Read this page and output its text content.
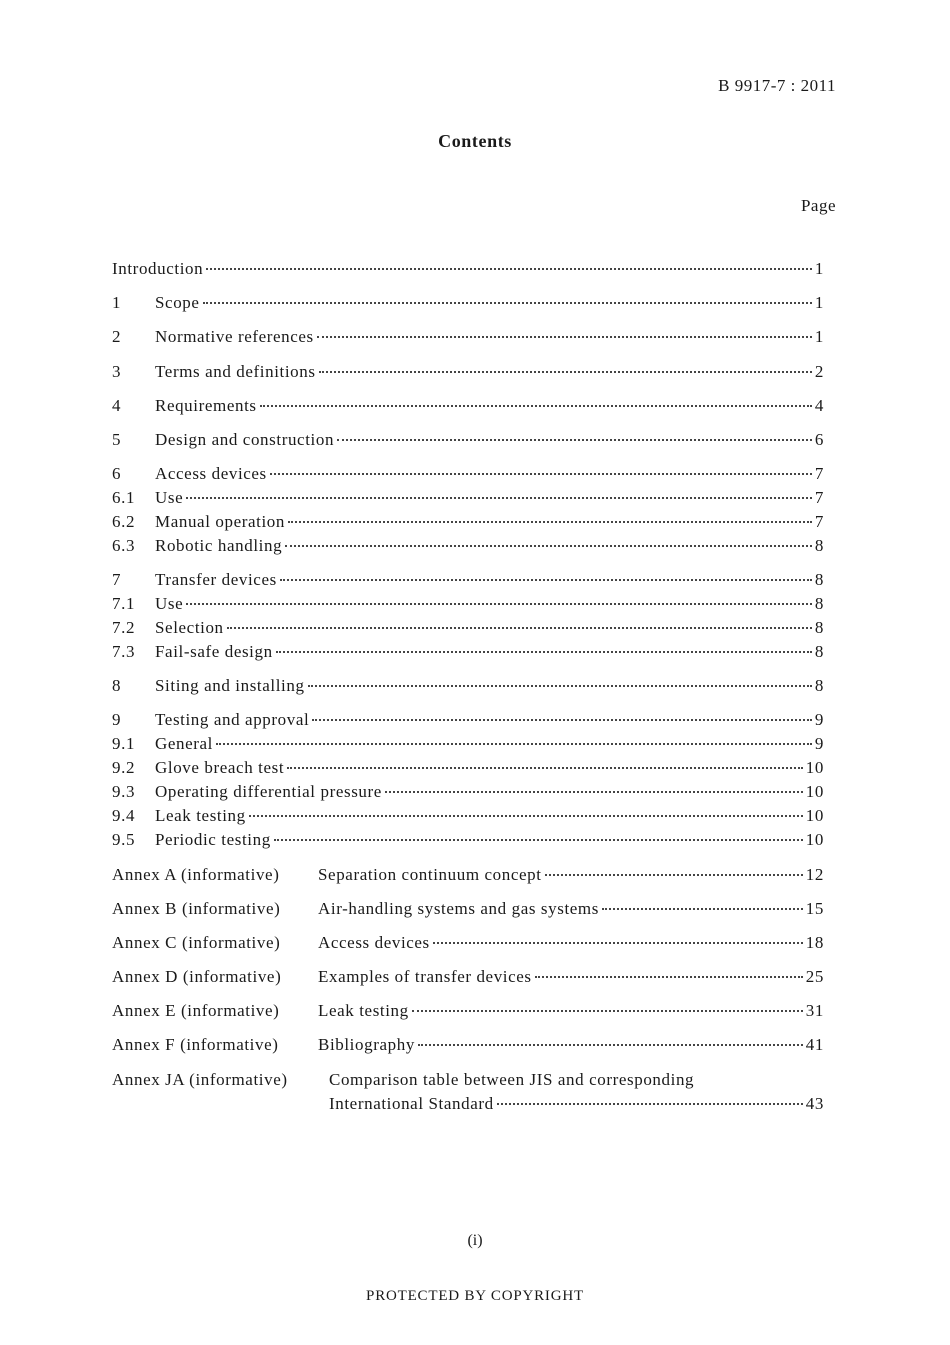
B 9917-7 : 2011
Contents
Page
Introduction	1
1	Scope	1
2	Normative references	1
3	Terms and definitions	2
4	Requirements	4
5	Design and construction	6
6	Access devices	7
6.1	Use	7
6.2	Manual operation	7
6.3	Robotic handling	8
7	Transfer devices	8
7.1	Use	8
7.2	Selection	8
7.3	Fail-safe design	8
8	Siting and installing	8
9	Testing and approval	9
9.1	General	9
9.2	Glove breach test	10
9.3	Operating differential pressure	10
9.4	Leak testing	10
9.5	Periodic testing	10
Annex A (informative)	Separation continuum concept	12
Annex B (informative)	Air-handling systems and gas systems	15
Annex C (informative)	Access devices	18
Annex D (informative)	Examples of transfer devices	25
Annex E (informative)	Leak testing	31
Annex F (informative)	Bibliography	41
Annex JA (informative) Comparison table between JIS and corresponding
International Standard	43
(i)
PROTECTED BY COPYRIGHT
